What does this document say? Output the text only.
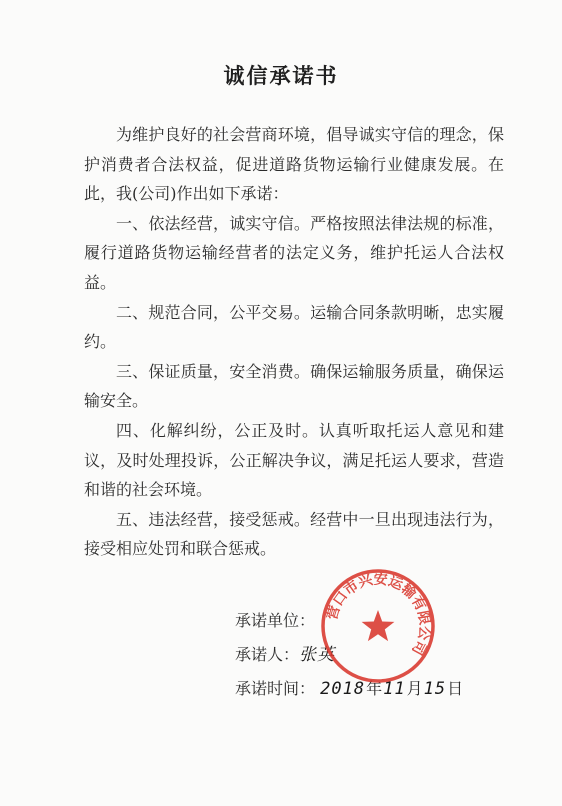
诚信承诺书

为维护良好的社会营商环境，倡导诚实守信的理念，保护消费者合法权益，促进道路货物运输行业健康发展。在此，我(公司)作出如下承诺：

一、依法经营，诚实守信。严格按照法律法规的标准，履行道路货物运输经营者的法定义务，维护托运人合法权益。

二、规范合同，公平交易。运输合同条款明晰，忠实履约。

三、保证质量，安全消费。确保运输服务质量，确保运输安全。

四、化解纠纷，公正及时。认真听取托运人意见和建议，及时处理投诉，公正解决争议，满足托运人要求，营造和谐的社会环境。

五、违法经营，接受惩戒。经营中一旦出现违法行为，接受相应处罚和联合惩戒。

承诺单位：
承诺人：张英
承诺时间： 2018年11月15日
营口市兴安运输有限公司
